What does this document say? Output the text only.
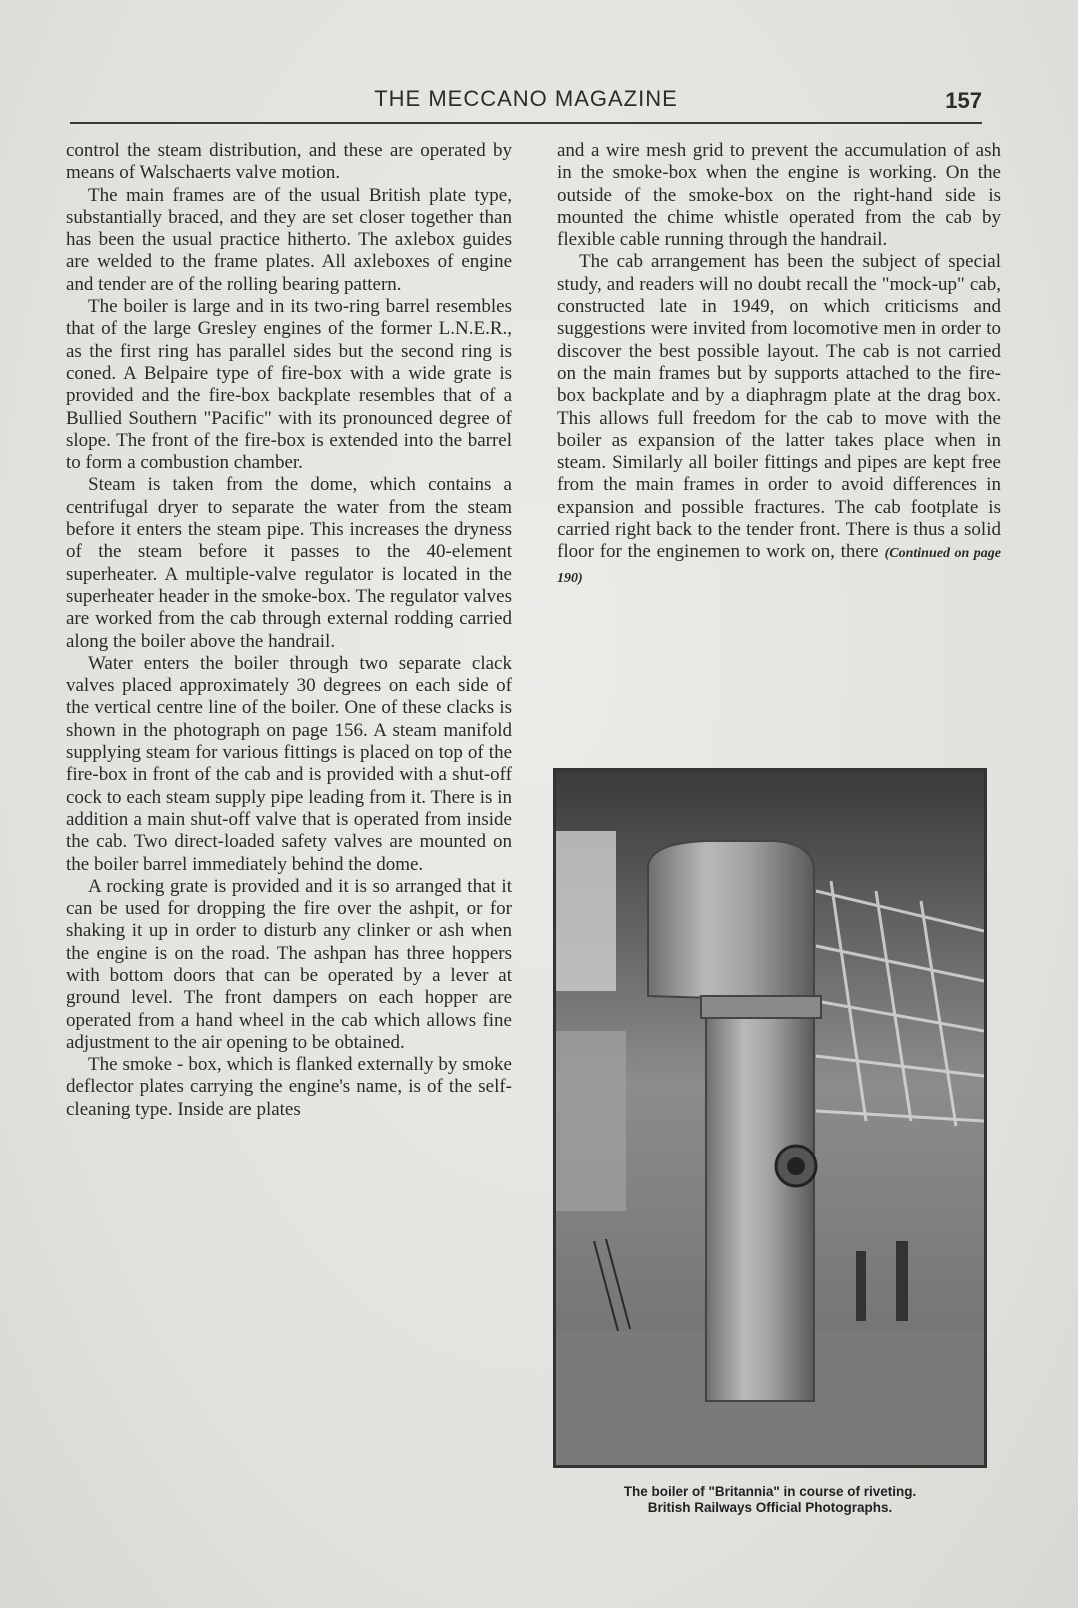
THE MECCANO MAGAZINE	157

control the steam distribution, and these are operated by means of Walschaerts valve motion.

The main frames are of the usual British plate type, substantially braced, and they are set closer together than has been the usual practice hitherto. The axlebox guides are welded to the frame plates. All axleboxes of engine and tender are of the rolling bearing pattern.

The boiler is large and in its two-ring barrel resembles that of the large Gresley engines of the former L.N.E.R., as the first ring has parallel sides but the second ring is coned. A Belpaire type of fire-box with a wide grate is provided and the fire-box backplate resembles that of a Bullied Southern "Pacific" with its pronounced degree of slope. The front of the fire-box is extended into the barrel to form a combustion chamber.

Steam is taken from the dome, which contains a centrifugal dryer to separate the water from the steam before it enters the steam pipe. This increases the dryness of the steam before it passes to the 40-element superheater. A multiple-valve regulator is located in the superheater header in the smoke-box. The regulator valves are worked from the cab through external rodding carried along the boiler above the handrail.

Water enters the boiler through two separate clack valves placed approximately 30 degrees on each side of the vertical centre line of the boiler. One of these clacks is shown in the photograph on page 156. A steam manifold supplying steam for various fittings is placed on top of the fire-box in front of the cab and is provided with a shut-off cock to each steam supply pipe leading from it. There is in addition a main shut-off valve that is operated from inside the cab. Two direct-loaded safety valves are mounted on the boiler barrel immediately behind the dome.

A rocking grate is provided and it is so arranged that it can be used for dropping the fire over the ashpit, or for shaking it up in order to disturb any clinker or ash when the engine is on the road. The ashpan has three hoppers with bottom doors that can be operated by a lever at ground level. The front dampers on each hopper are operated from a hand wheel in the cab which allows fine adjustment to the air opening to be obtained.

The smoke - box, which is flanked externally by smoke deflector plates carrying the engine's name, is of the self-cleaning type. Inside are plates

and a wire mesh grid to prevent the accumulation of ash in the smoke-box when the engine is working. On the outside of the smoke-box on the right-hand side is mounted the chime whistle operated from the cab by flexible cable running through the handrail.

The cab arrangement has been the subject of special study, and readers will no doubt recall the "mock-up" cab, constructed late in 1949, on which criticisms and suggestions were invited from locomotive men in order to discover the best possible layout. The cab is not carried on the main frames but by supports attached to the fire-box backplate and by a diaphragm plate at the drag box. This allows full freedom for the cab to move with the boiler as expansion of the latter takes place when in steam. Similarly all boiler fittings and pipes are kept free from the main frames in order to avoid differences in expansion and possible fractures. The cab footplate is carried right back to the tender front. There is thus a solid floor for the enginemen to work on, there (Continued on page 190)

The boiler of "Britannia" in course of riveting.
British Railways Official Photographs.
